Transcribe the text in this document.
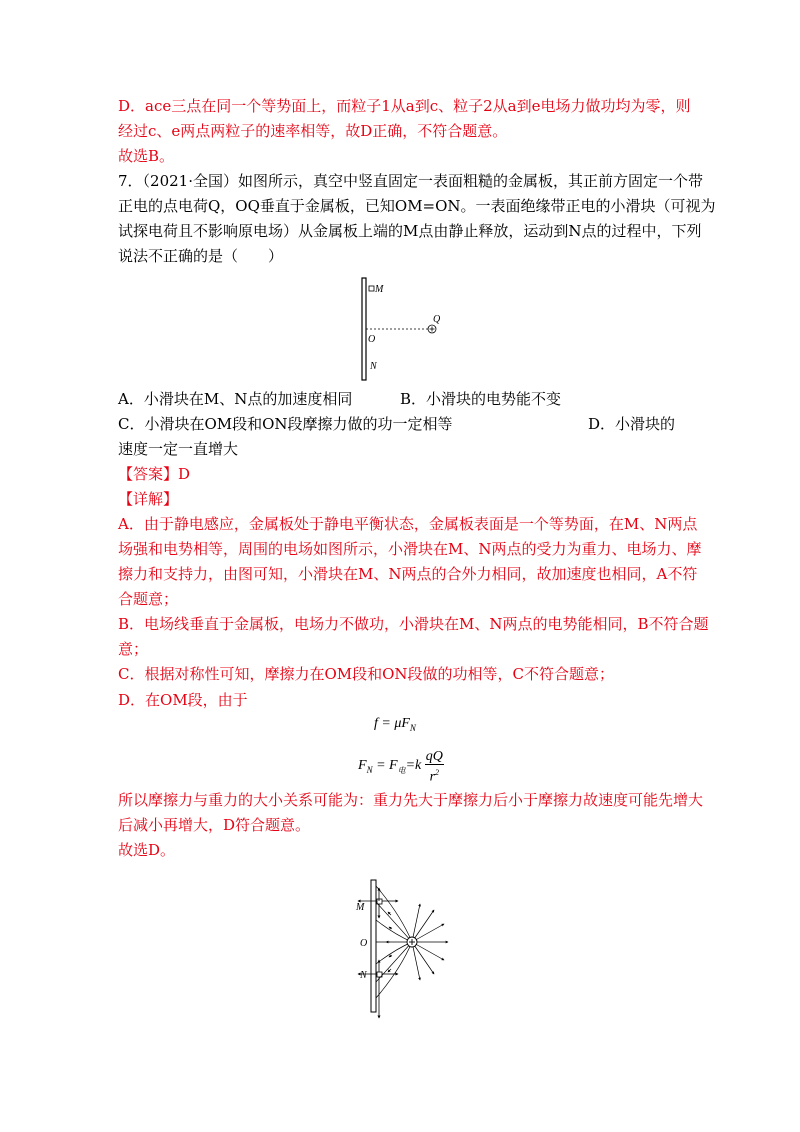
D．ace三点在同一个等势面上，而粒子1从a到c、粒子2从a到e电场力做功均为零，则
经过c、e两点两粒子的速率相等，故D正确，不符合题意。
故选B。
7．（2021·全国）如图所示，真空中竖直固定一表面粗糙的金属板，其正前方固定一个带
正电的点电荷Q，OQ垂直于金属板，已知OM=ON。一表面绝缘带正电的小滑块（可视为
试探电荷且不影响原电场）从金属板上端的M点由静止释放，运动到N点的过程中，下列
说法不正确的是（　　）
M
Q
O
N
A．小滑块在M、N点的加速度相同	B．小滑块的电势能不变
C．小滑块在OM段和ON段摩擦力做的功一定相等	D．小滑块的
速度一定一直增大
【答案】D
【详解】
A．由于静电感应，金属板处于静电平衡状态，金属板表面是一个等势面，在M、N两点
场强和电势相等，周围的电场如图所示，小滑块在M、N两点的受力为重力、电场力、摩
擦力和支持力，由图可知，小滑块在M、N两点的合外力相同，故加速度也相同，A不符
合题意；
B．电场线垂直于金属板，电场力不做功，小滑块在M、N两点的电势能相同，B不符合题
意；
C．根据对称性可知，摩擦力在OM段和ON段做的功相等，C不符合题意；
D．在OM段，由于
$f = \mu F_N$
$F_N = F_电=k \frac{qQ}{r^2}$
所以摩擦力与重力的大小关系可能为：重力先大于摩擦力后小于摩擦力故速度可能先增大
后减小再增大，D符合题意。
故选D。
M
O
N
